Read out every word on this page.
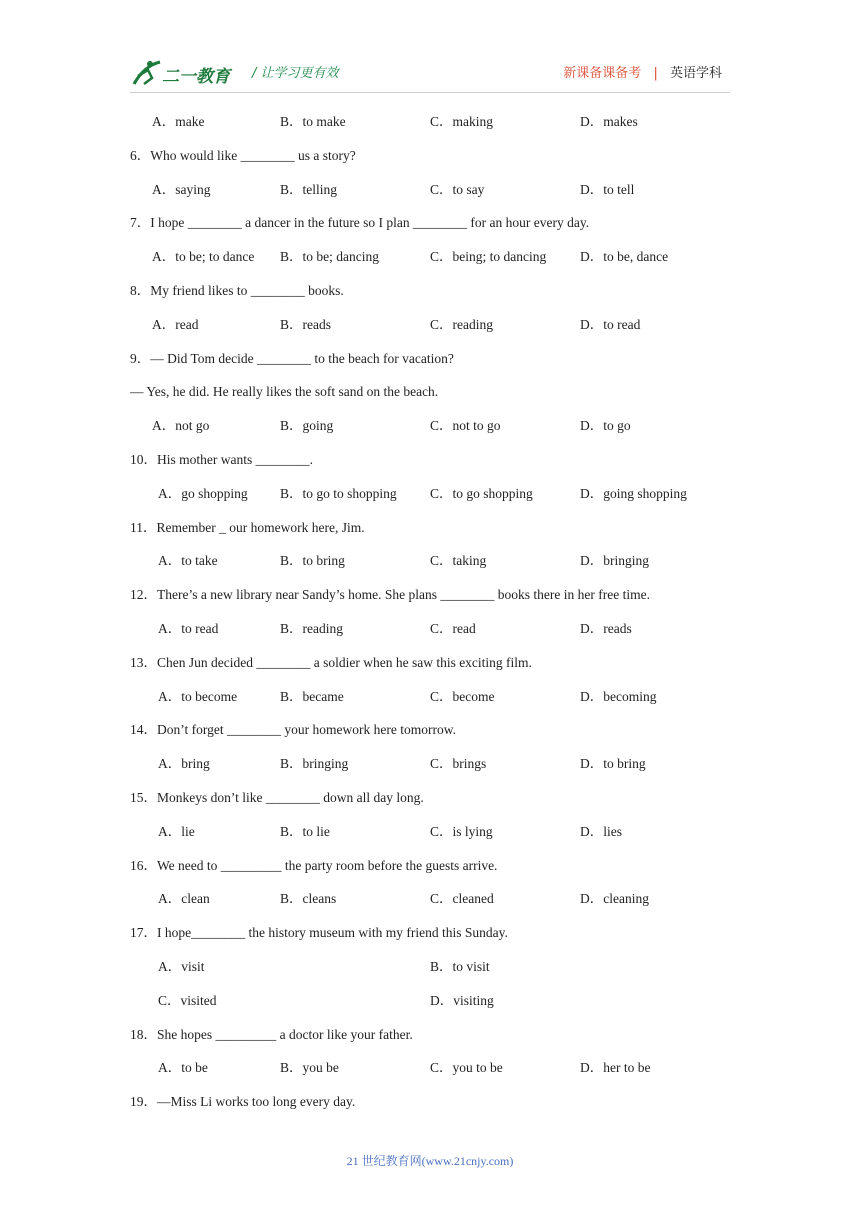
二一教育 / 让学习更有效	新课备课备考 | 英语学科
A．make	B．to make	C．making	D．makes
6．Who would like ________ us a story?
A．saying	B．telling	C．to say	D．to tell
7．I hope ________ a dancer in the future so I plan ________ for an hour every day.
A．to be; to dance B．to be; dancing	C．being; to dancing	D．to be, dance
8．My friend likes to ________ books.
A．read	B．reads	C．reading	D．to read
9．— Did Tom decide ________ to the beach for vacation?
— Yes, he did. He really likes the soft sand on the beach.
A．not go	B．going	C．not to go	D．to go
10．His mother wants ________.
A．go shopping B．to go to shopping C．to go shopping	D．going shopping
11．Remember _ our homework here, Jim.
A．to take	B．to bring	C．taking	D．bringing
12．There’s a new library near Sandy’s home. She plans ________ books there in her free time.
A．to read	B．reading	C．read	D．reads
13．Chen Jun decided ________ a soldier when he saw this exciting film.
A．to become	B．became	C．become	D．becoming
14．Don’t forget ________ your homework here tomorrow.
A．bring	B．bringing	C．brings	D．to bring
15．Monkeys don’t like ________ down all day long.
A．lie	B．to lie	C．is lying	D．lies
16．We need to _________ the party room before the guests arrive.
A．clean	B．cleans	C．cleaned	D．cleaning
17．I hope________ the history museum with my friend this Sunday.
A．visit	B．to visit
C．visited	D．visiting
18．She hopes _________ a doctor like your father.
A．to be	B．you be	C．you to be	D．her to be
19．—Miss Li works too long every day.
21 世纪教育网(www.21cnjy.com)
